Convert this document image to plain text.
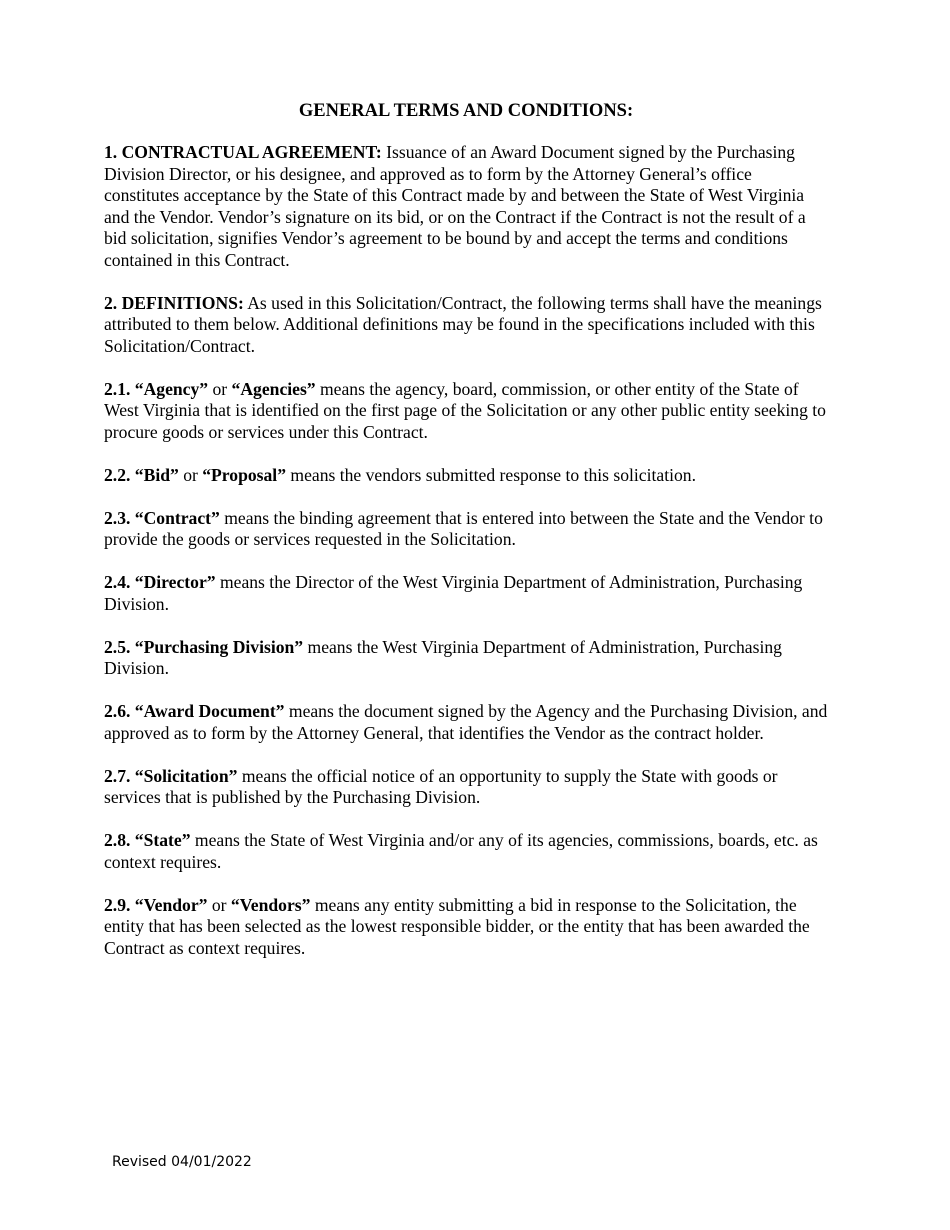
GENERAL TERMS AND CONDITIONS:

1. CONTRACTUAL AGREEMENT: Issuance of an Award Document signed by the Purchasing Division Director, or his designee, and approved as to form by the Attorney General’s office constitutes acceptance by the State of this Contract made by and between the State of West Virginia and the Vendor. Vendor’s signature on its bid, or on the Contract if the Contract is not the result of a bid solicitation, signifies Vendor’s agreement to be bound by and accept the terms and conditions contained in this Contract.

2. DEFINITIONS: As used in this Solicitation/Contract, the following terms shall have the meanings attributed to them below. Additional definitions may be found in the specifications included with this Solicitation/Contract.

2.1. “Agency” or “Agencies” means the agency, board, commission, or other entity of the State of West Virginia that is identified on the first page of the Solicitation or any other public entity seeking to procure goods or services under this Contract.

2.2. “Bid” or “Proposal” means the vendors submitted response to this solicitation.

2.3. “Contract” means the binding agreement that is entered into between the State and the Vendor to provide the goods or services requested in the Solicitation.

2.4. “Director” means the Director of the West Virginia Department of Administration, Purchasing Division.

2.5. “Purchasing Division” means the West Virginia Department of Administration, Purchasing Division.

2.6. “Award Document” means the document signed by the Agency and the Purchasing Division, and approved as to form by the Attorney General, that identifies the Vendor as the contract holder.

2.7. “Solicitation” means the official notice of an opportunity to supply the State with goods or services that is published by the Purchasing Division.

2.8. “State” means the State of West Virginia and/or any of its agencies, commissions, boards, etc. as context requires.

2.9. “Vendor” or “Vendors” means any entity submitting a bid in response to the Solicitation, the entity that has been selected as the lowest responsible bidder, or the entity that has been awarded the Contract as context requires.

Revised 04/01/2022
